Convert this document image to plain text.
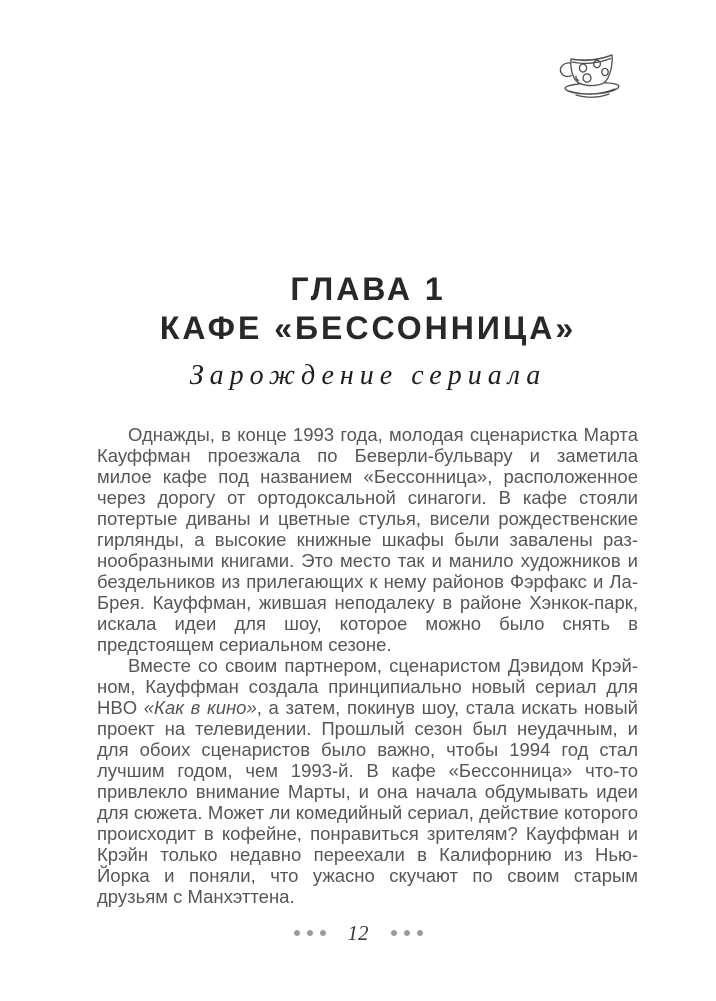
ГЛАВА 1
КАФЕ «БЕССОННИЦА»
Зарождение сериала

Однажды, в конце 1993 года, молодая сценаристка Марта Кауффман проезжала по Беверли-бульвару и заметила милое кафе под названием «Бессонница», расположенное через дорогу от ортодоксальной синагоги. В кафе стояли потертые диваны и цветные стулья, висели рождественские гирлянды, а высокие книжные шкафы были завалены разнообразными книгами. Это место так и манило художников и бездельников из прилегающих к нему районов Фэрфакс и Ла-Брея. Кауффман, жившая неподалеку в районе Хэнкок-парк, искала идеи для шоу, которое можно было снять в предстоящем сериальном сезоне.

Вместе со своим партнером, сценаристом Дэвидом Крэйном, Кауффман создала принципиально новый сериал для HBO «Как в кино», а затем, покинув шоу, стала искать новый проект на телевидении. Прошлый сезон был неудачным, и для обоих сценаристов было важно, чтобы 1994 год стал лучшим годом, чем 1993-й. В кафе «Бессонница» что-то привлекло внимание Марты, и она начала обдумывать идеи для сюжета. Может ли комедийный сериал, действие которого происходит в кофейне, понравиться зрителям? Кауффман и Крэйн только недавно переехали в Калифорнию из Нью-Йорка и поняли, что ужасно скучают по своим старым друзьям с Манхэттена.

12
